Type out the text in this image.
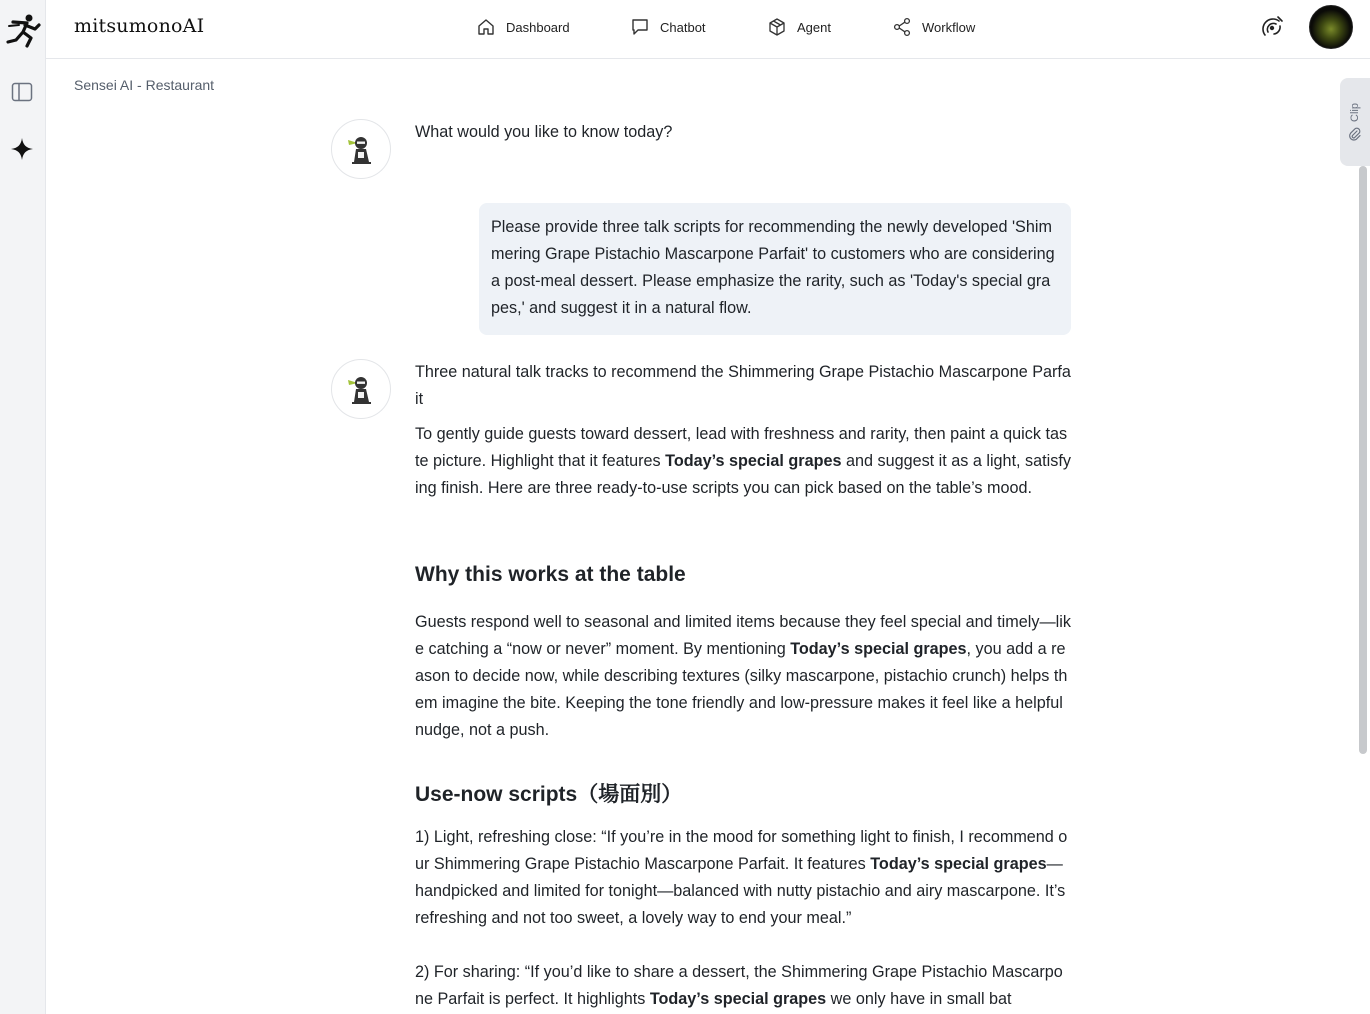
mitsumonoAI	Dashboard	Chatbot	Agent	Workflow
Sensei AI - Restaurant
What would you like to know today?
Please provide three talk scripts for recommending the newly developed 'Shimmering Grape Pistachio Mascarpone Parfait' to customers who are considering a post-meal dessert. Please emphasize the rarity, such as 'Today's special grapes,' and suggest it in a natural flow.
Three natural talk tracks to recommend the Shimmering Grape Pistachio Mascarpone Parfait
To gently guide guests toward dessert, lead with freshness and rarity, then paint a quick taste picture. Highlight that it features Today’s special grapes and suggest it as a light, satisfying finish. Here are three ready-to-use scripts you can pick based on the table’s mood.
Why this works at the table
Guests respond well to seasonal and limited items because they feel special and timely—like catching a “now or never” moment. By mentioning Today’s special grapes, you add a reason to decide now, while describing textures (silky mascarpone, pistachio crunch) helps them imagine the bite. Keeping the tone friendly and low-pressure makes it feel like a helpful nudge, not a push.
Use-now scripts（場面別）
1) Light, refreshing close: “If you’re in the mood for something light to finish, I recommend our Shimmering Grape Pistachio Mascarpone Parfait. It features Today’s special grapes—handpicked and limited for tonight—balanced with nutty pistachio and airy mascarpone. It’s refreshing and not too sweet, a lovely way to end your meal.”
2) For sharing: “If you’d like to share a dessert, the Shimmering Grape Pistachio Mascarpone Parfait is perfect. It highlights Today’s special grapes we only have in small bat
Clip
